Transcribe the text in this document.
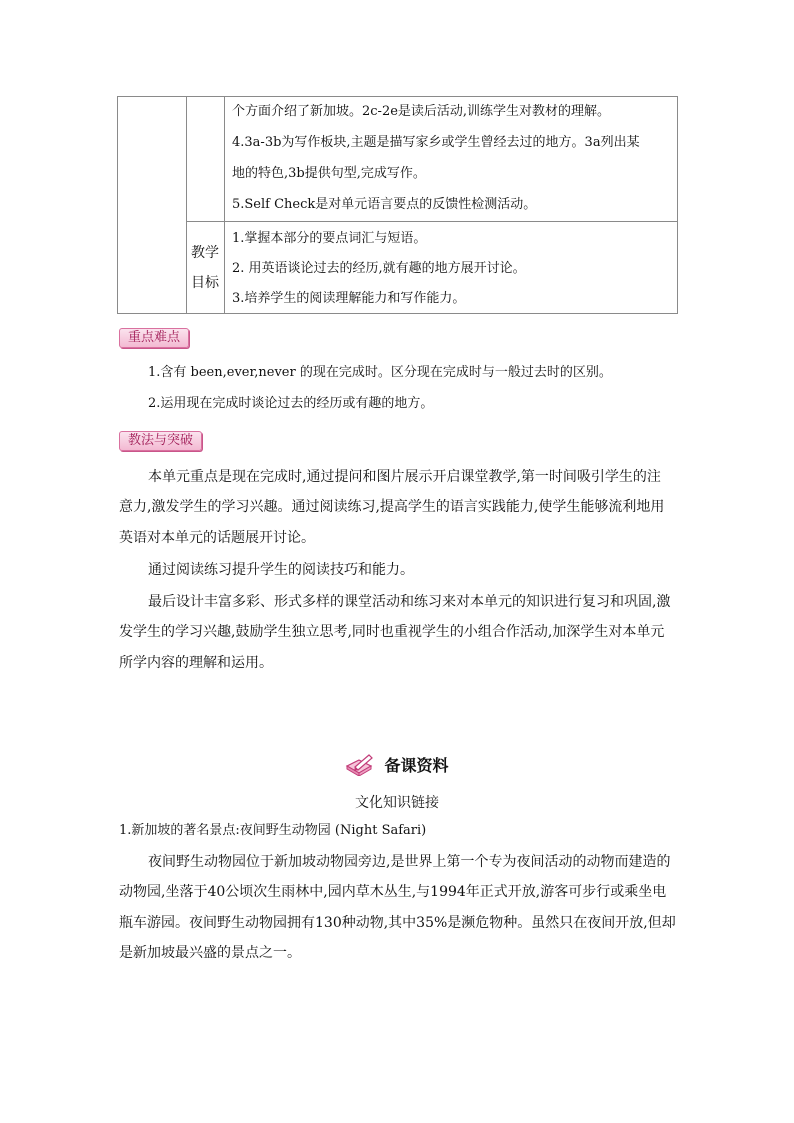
个方面介绍了新加坡。2c-2e是读后活动,训练学生对教材的理解。
4.3a-3b为写作板块,主题是描写家乡或学生曾经去过的地方。3a列出某
地的特色,3b提供句型,完成写作。
5.Self Check是对单元语言要点的反馈性检测活动。
教学
目标
1.掌握本部分的要点词汇与短语。
2. 用英语谈论过去的经历,就有趣的地方展开讨论。
3.培养学生的阅读理解能力和写作能力。
重点难点
1.含有 been,ever,never 的现在完成时。区分现在完成时与一般过去时的区别。
2.运用现在完成时谈论过去的经历或有趣的地方。
教法与突破
本单元重点是现在完成时,通过提问和图片展示开启课堂教学,第一时间吸引学生的注
意力,激发学生的学习兴趣。通过阅读练习,提高学生的语言实践能力,使学生能够流利地用
英语对本单元的话题展开讨论。
通过阅读练习提升学生的阅读技巧和能力。
最后设计丰富多彩、形式多样的课堂活动和练习来对本单元的知识进行复习和巩固,激
发学生的学习兴趣,鼓励学生独立思考,同时也重视学生的小组合作活动,加深学生对本单元
所学内容的理解和运用。
备课资料
文化知识链接
1.新加坡的著名景点:夜间野生动物园 (Night Safari)
夜间野生动物园位于新加坡动物园旁边,是世界上第一个专为夜间活动的动物而建造的
动物园,坐落于40公顷次生雨林中,园内草木丛生,与1994年正式开放,游客可步行或乘坐电
瓶车游园。夜间野生动物园拥有130种动物,其中35%是濒危物种。虽然只在夜间开放,但却
是新加坡最兴盛的景点之一。
